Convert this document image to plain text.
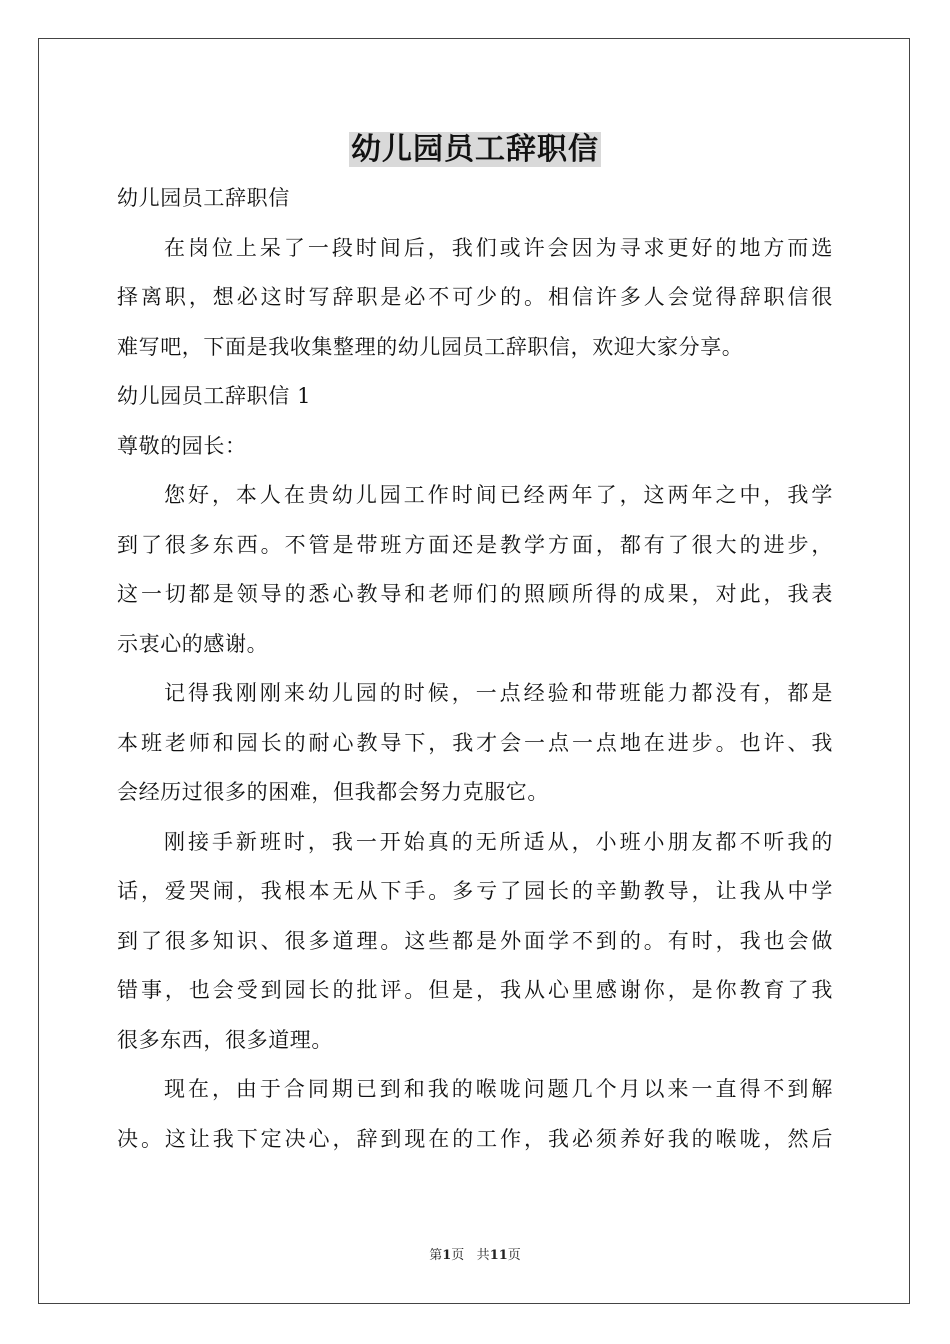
幼儿园员工辞职信
幼儿园员工辞职信
在岗位上呆了一段时间后，我们或许会因为寻求更好的地方而选
择离职，想必这时写辞职是必不可少的。相信许多人会觉得辞职信很
难写吧，下面是我收集整理的幼儿园员工辞职信，欢迎大家分享。
幼儿园员工辞职信 1
尊敬的园长：
您好，本人在贵幼儿园工作时间已经两年了，这两年之中，我学
到了很多东西。不管是带班方面还是教学方面，都有了很大的进步，
这一切都是领导的悉心教导和老师们的照顾所得的成果，对此，我表
示衷心的感谢。
记得我刚刚来幼儿园的时候，一点经验和带班能力都没有，都是
本班老师和园长的耐心教导下，我才会一点一点地在进步。也许、我
会经历过很多的困难，但我都会努力克服它。
刚接手新班时，我一开始真的无所适从，小班小朋友都不听我的
话，爱哭闹，我根本无从下手。多亏了园长的辛勤教导，让我从中学
到了很多知识、很多道理。这些都是外面学不到的。有时，我也会做
错事，也会受到园长的批评。但是，我从心里感谢你，是你教育了我
很多东西，很多道理。
现在，由于合同期已到和我的喉咙问题几个月以来一直得不到解
决。这让我下定决心，辞到现在的工作，我必须养好我的喉咙，然后
第1页 共11页
